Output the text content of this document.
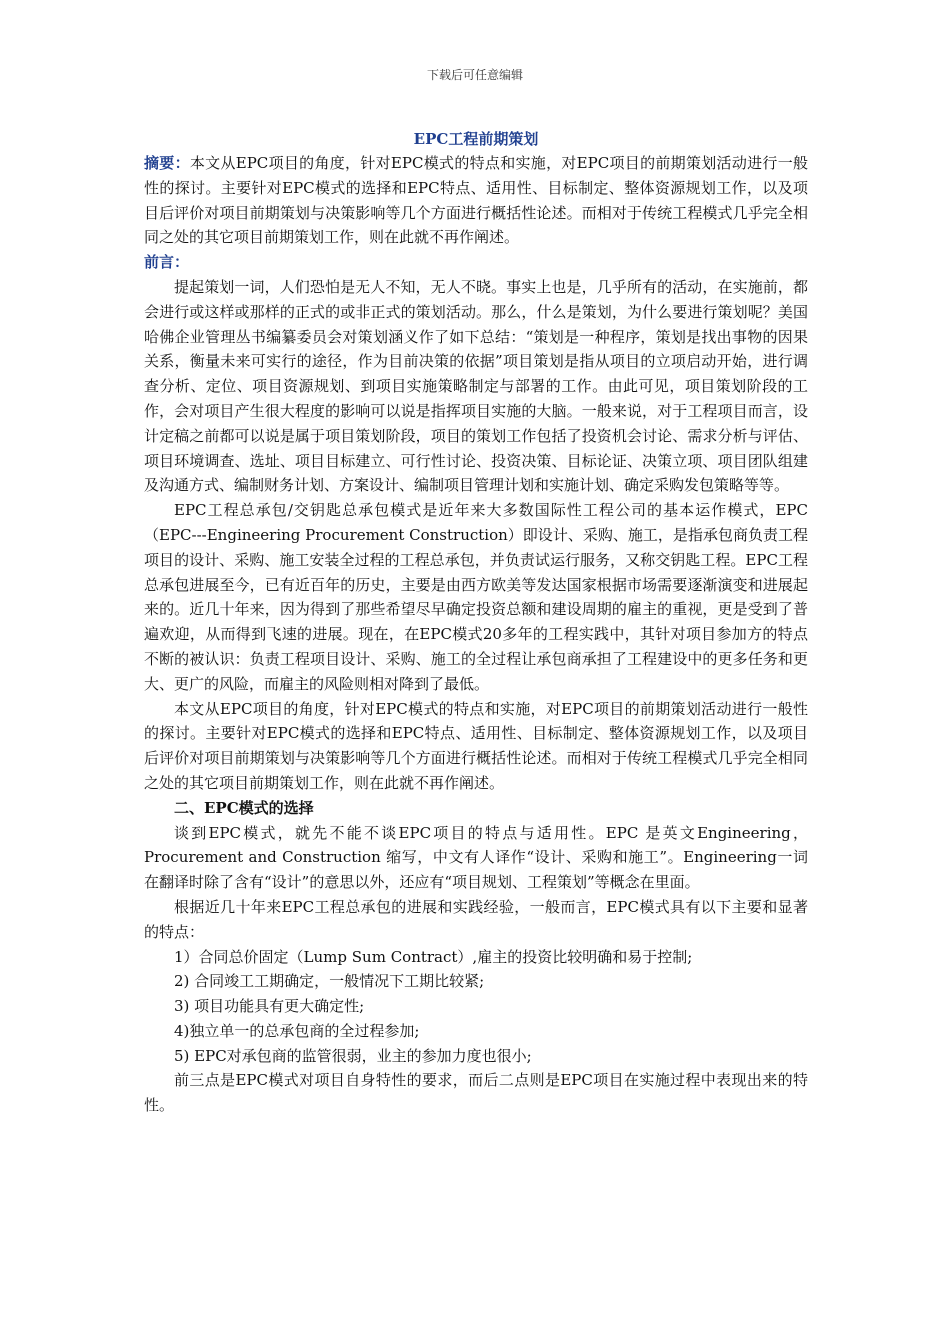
下载后可任意编辑

EPC工程前期策划

摘要：本文从EPC项目的角度，针对EPC模式的特点和实施，对EPC项目的前期策划活动进行一般性的探讨。主要针对EPC模式的选择和EPC特点、适用性、目标制定、整体资源规划工作，以及项目后评价对项目前期策划与决策影响等几个方面进行概括性论述。而相对于传统工程模式几乎完全相同之处的其它项目前期策划工作，则在此就不再作阐述。

前言：

提起策划一词，人们恐怕是无人不知，无人不晓。事实上也是，几乎所有的活动，在实施前，都会进行或这样或那样的正式的或非正式的策划活动。那么，什么是策划，为什么要进行策划呢？美国哈佛企业管理丛书编纂委员会对策划涵义作了如下总结：“策划是一种程序，策划是找出事物的因果关系，衡量未来可实行的途径，作为目前决策的依据”项目策划是指从项目的立项启动开始，进行调查分析、定位、项目资源规划、到项目实施策略制定与部署的工作。由此可见，项目策划阶段的工作，会对项目产生很大程度的影响可以说是指挥项目实施的大脑。一般来说，对于工程项目而言，设计定稿之前都可以说是属于项目策划阶段，项目的策划工作包括了投资机会讨论、需求分析与评估、项目环境调查、选址、项目目标建立、可行性讨论、投资决策、目标论证、决策立项、项目团队组建及沟通方式、编制财务计划、方案设计、编制项目管理计划和实施计划、确定采购发包策略等等。

EPC工程总承包/交钥匙总承包模式是近年来大多数国际性工程公司的基本运作模式，EPC（EPC---Engineering Procurement Construction）即设计、采购、施工，是指承包商负责工程项目的设计、采购、施工安装全过程的工程总承包，并负责试运行服务，又称交钥匙工程。EPC工程总承包进展至今，已有近百年的历史，主要是由西方欧美等发达国家根据市场需要逐渐演变和进展起来的。近几十年来，因为得到了那些希望尽早确定投资总额和建设周期的雇主的重视，更是受到了普遍欢迎，从而得到飞速的进展。现在，在EPC模式20多年的工程实践中，其针对项目参加方的特点不断的被认识：负责工程项目设计、采购、施工的全过程让承包商承担了工程建设中的更多任务和更大、更广的风险，而雇主的风险则相对降到了最低。

本文从EPC项目的角度，针对EPC模式的特点和实施，对EPC项目的前期策划活动进行一般性的探讨。主要针对EPC模式的选择和EPC特点、适用性、目标制定、整体资源规划工作，以及项目后评价对项目前期策划与决策影响等几个方面进行概括性论述。而相对于传统工程模式几乎完全相同之处的其它项目前期策划工作，则在此就不再作阐述。

二、EPC模式的选择

谈到EPC模式，就先不能不谈EPC项目的特点与适用性。EPC 是英文Engineering，Procurement and Construction 缩写，中文有人译作“设计、采购和施工”。Engineering一词在翻译时除了含有“设计”的意思以外，还应有“项目规划、工程策划”等概念在里面。

根据近几十年来EPC工程总承包的进展和实践经验，一般而言，EPC模式具有以下主要和显著的特点：

1）合同总价固定（Lump Sum Contract）,雇主的投资比较明确和易于控制;

2) 合同竣工工期确定，一般情况下工期比较紧;

3) 项目功能具有更大确定性;

4)独立单一的总承包商的全过程参加;

5) EPC对承包商的监管很弱，业主的参加力度也很小;

前三点是EPC模式对项目自身特性的要求，而后二点则是EPC项目在实施过程中表现出来的特性。
